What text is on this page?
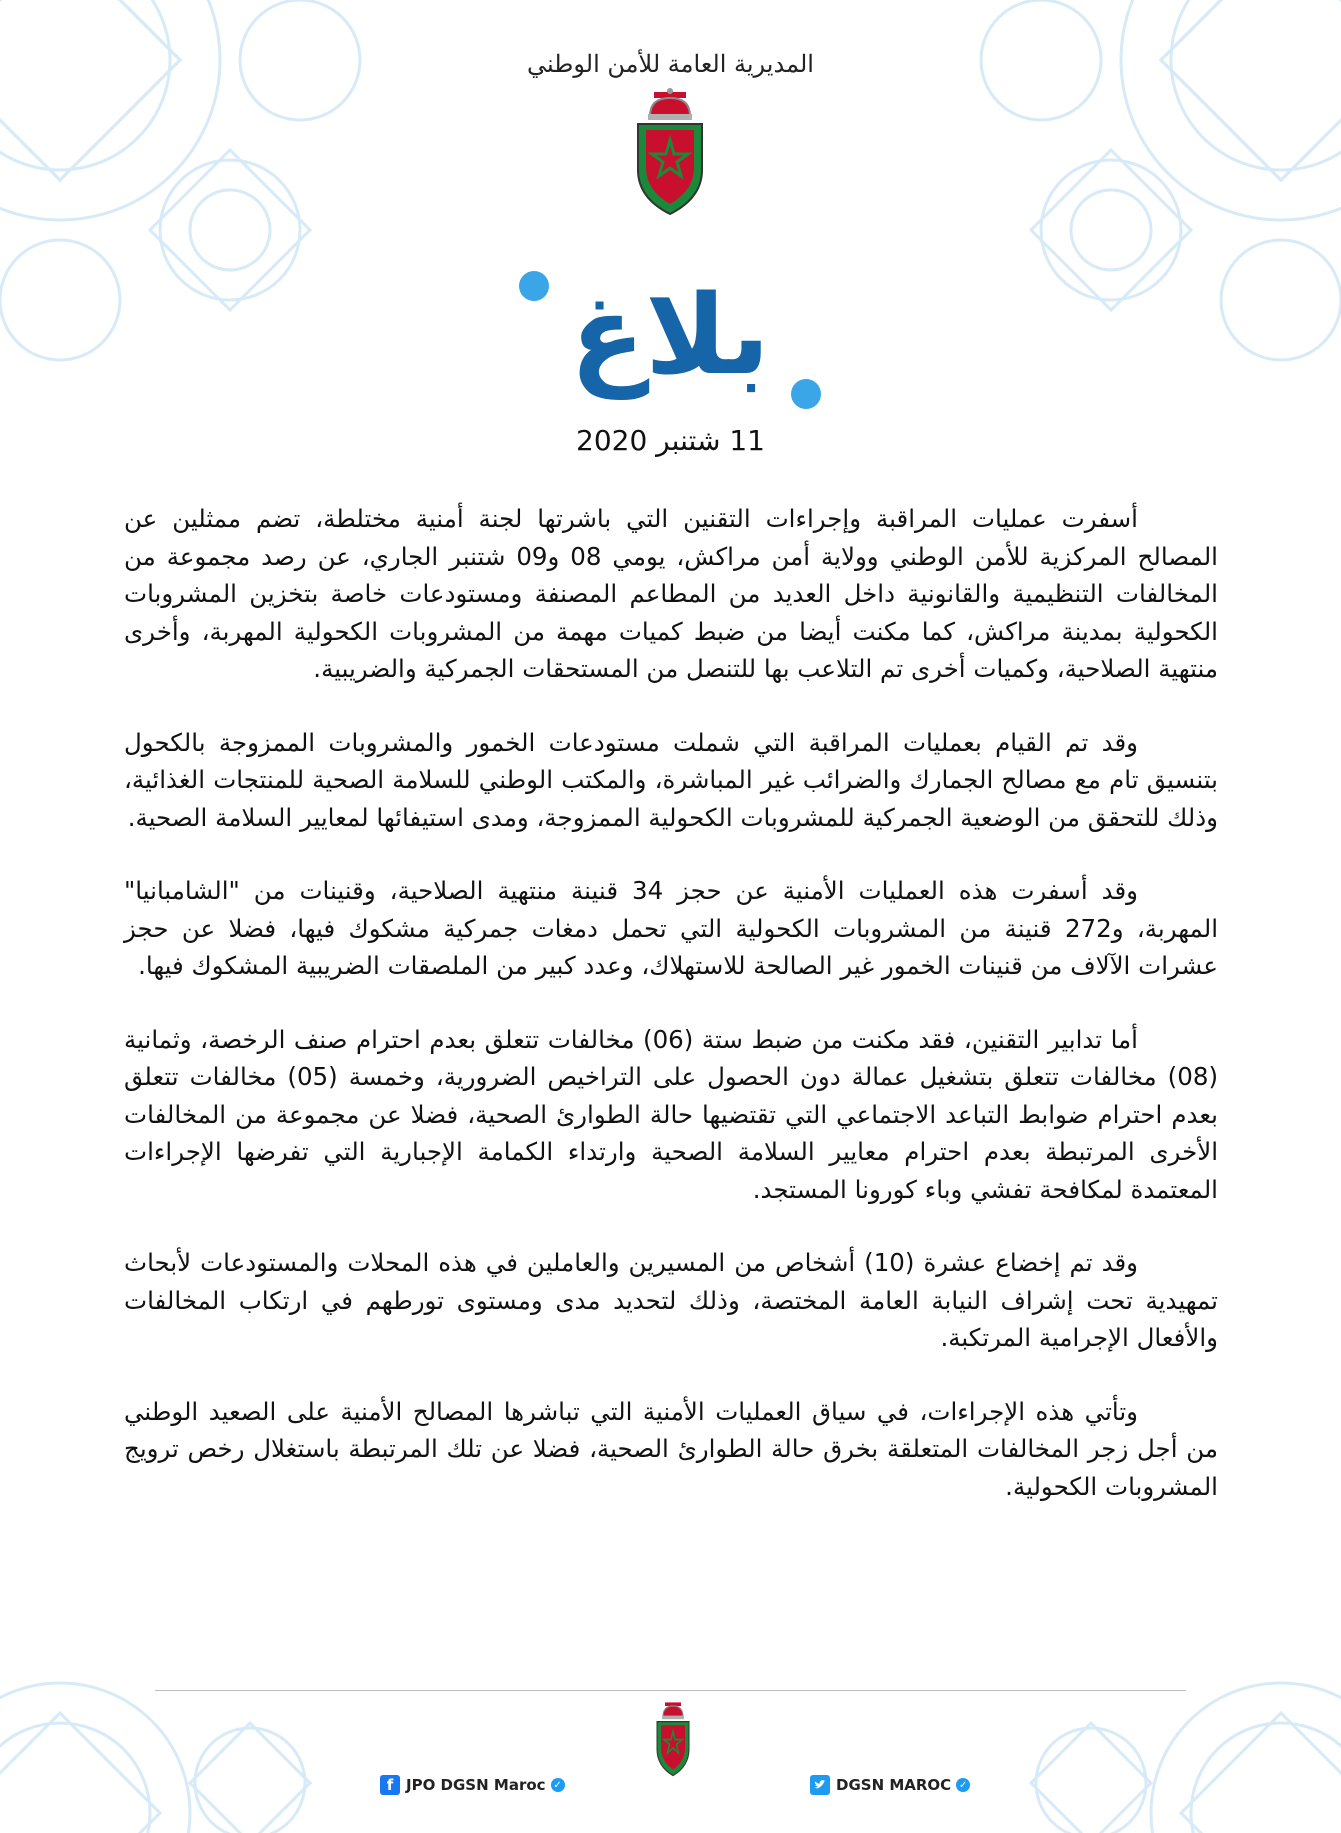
المديرية العامة للأمن الوطني
بلاغ
11 شتنبر 2020

أسفرت عمليات المراقبة وإجراءات التقنين التي باشرتها لجنة أمنية مختلطة، تضم ممثلين عن المصالح المركزية للأمن الوطني وولاية أمن مراكش، يومي 08 و09 شتنبر الجاري، عن رصد مجموعة من المخالفات التنظيمية والقانونية داخل العديد من المطاعم المصنفة ومستودعات خاصة بتخزين المشروبات الكحولية بمدينة مراكش، كما مكنت أيضا من ضبط كميات مهمة من المشروبات الكحولية المهربة، وأخرى منتهية الصلاحية، وكميات أخرى تم التلاعب بها للتنصل من المستحقات الجمركية والضريبية.

وقد تم القيام بعمليات المراقبة التي شملت مستودعات الخمور والمشروبات الممزوجة بالكحول بتنسيق تام مع مصالح الجمارك والضرائب غير المباشرة، والمكتب الوطني للسلامة الصحية للمنتجات الغذائية، وذلك للتحقق من الوضعية الجمركية للمشروبات الكحولية الممزوجة، ومدى استيفائها لمعايير السلامة الصحية.

وقد أسفرت هذه العمليات الأمنية عن حجز 34 قنينة منتهية الصلاحية، وقنينات من "الشامبانيا" المهربة، و272 قنينة من المشروبات الكحولية التي تحمل دمغات جمركية مشكوك فيها، فضلا عن حجز عشرات الآلاف من قنينات الخمور غير الصالحة للاستهلاك، وعدد كبير من الملصقات الضريبية المشكوك فيها.

أما تدابير التقنين، فقد مكنت من ضبط ستة (06) مخالفات تتعلق بعدم احترام صنف الرخصة، وثمانية (08) مخالفات تتعلق بتشغيل عمالة دون الحصول على التراخيص الضرورية، وخمسة (05) مخالفات تتعلق بعدم احترام ضوابط التباعد الاجتماعي التي تقتضيها حالة الطوارئ الصحية، فضلا عن مجموعة من المخالفات الأخرى المرتبطة بعدم احترام معايير السلامة الصحية وارتداء الكمامة الإجبارية التي تفرضها الإجراءات المعتمدة لمكافحة تفشي وباء كورونا المستجد.

وقد تم إخضاع عشرة (10) أشخاص من المسيرين والعاملين في هذه المحلات والمستودعات لأبحاث تمهيدية تحت إشراف النيابة العامة المختصة، وذلك لتحديد مدى ومستوى تورطهم في ارتكاب المخالفات والأفعال الإجرامية المرتكبة.

وتأتي هذه الإجراءات، في سياق العمليات الأمنية التي تباشرها المصالح الأمنية على الصعيد الوطني من أجل زجر المخالفات المتعلقة بخرق حالة الطوارئ الصحية، فضلا عن تلك المرتبطة باستغلال رخص ترويج المشروبات الكحولية.

f JPO DGSN Maroc ✓	DGSN MAROC ✓
